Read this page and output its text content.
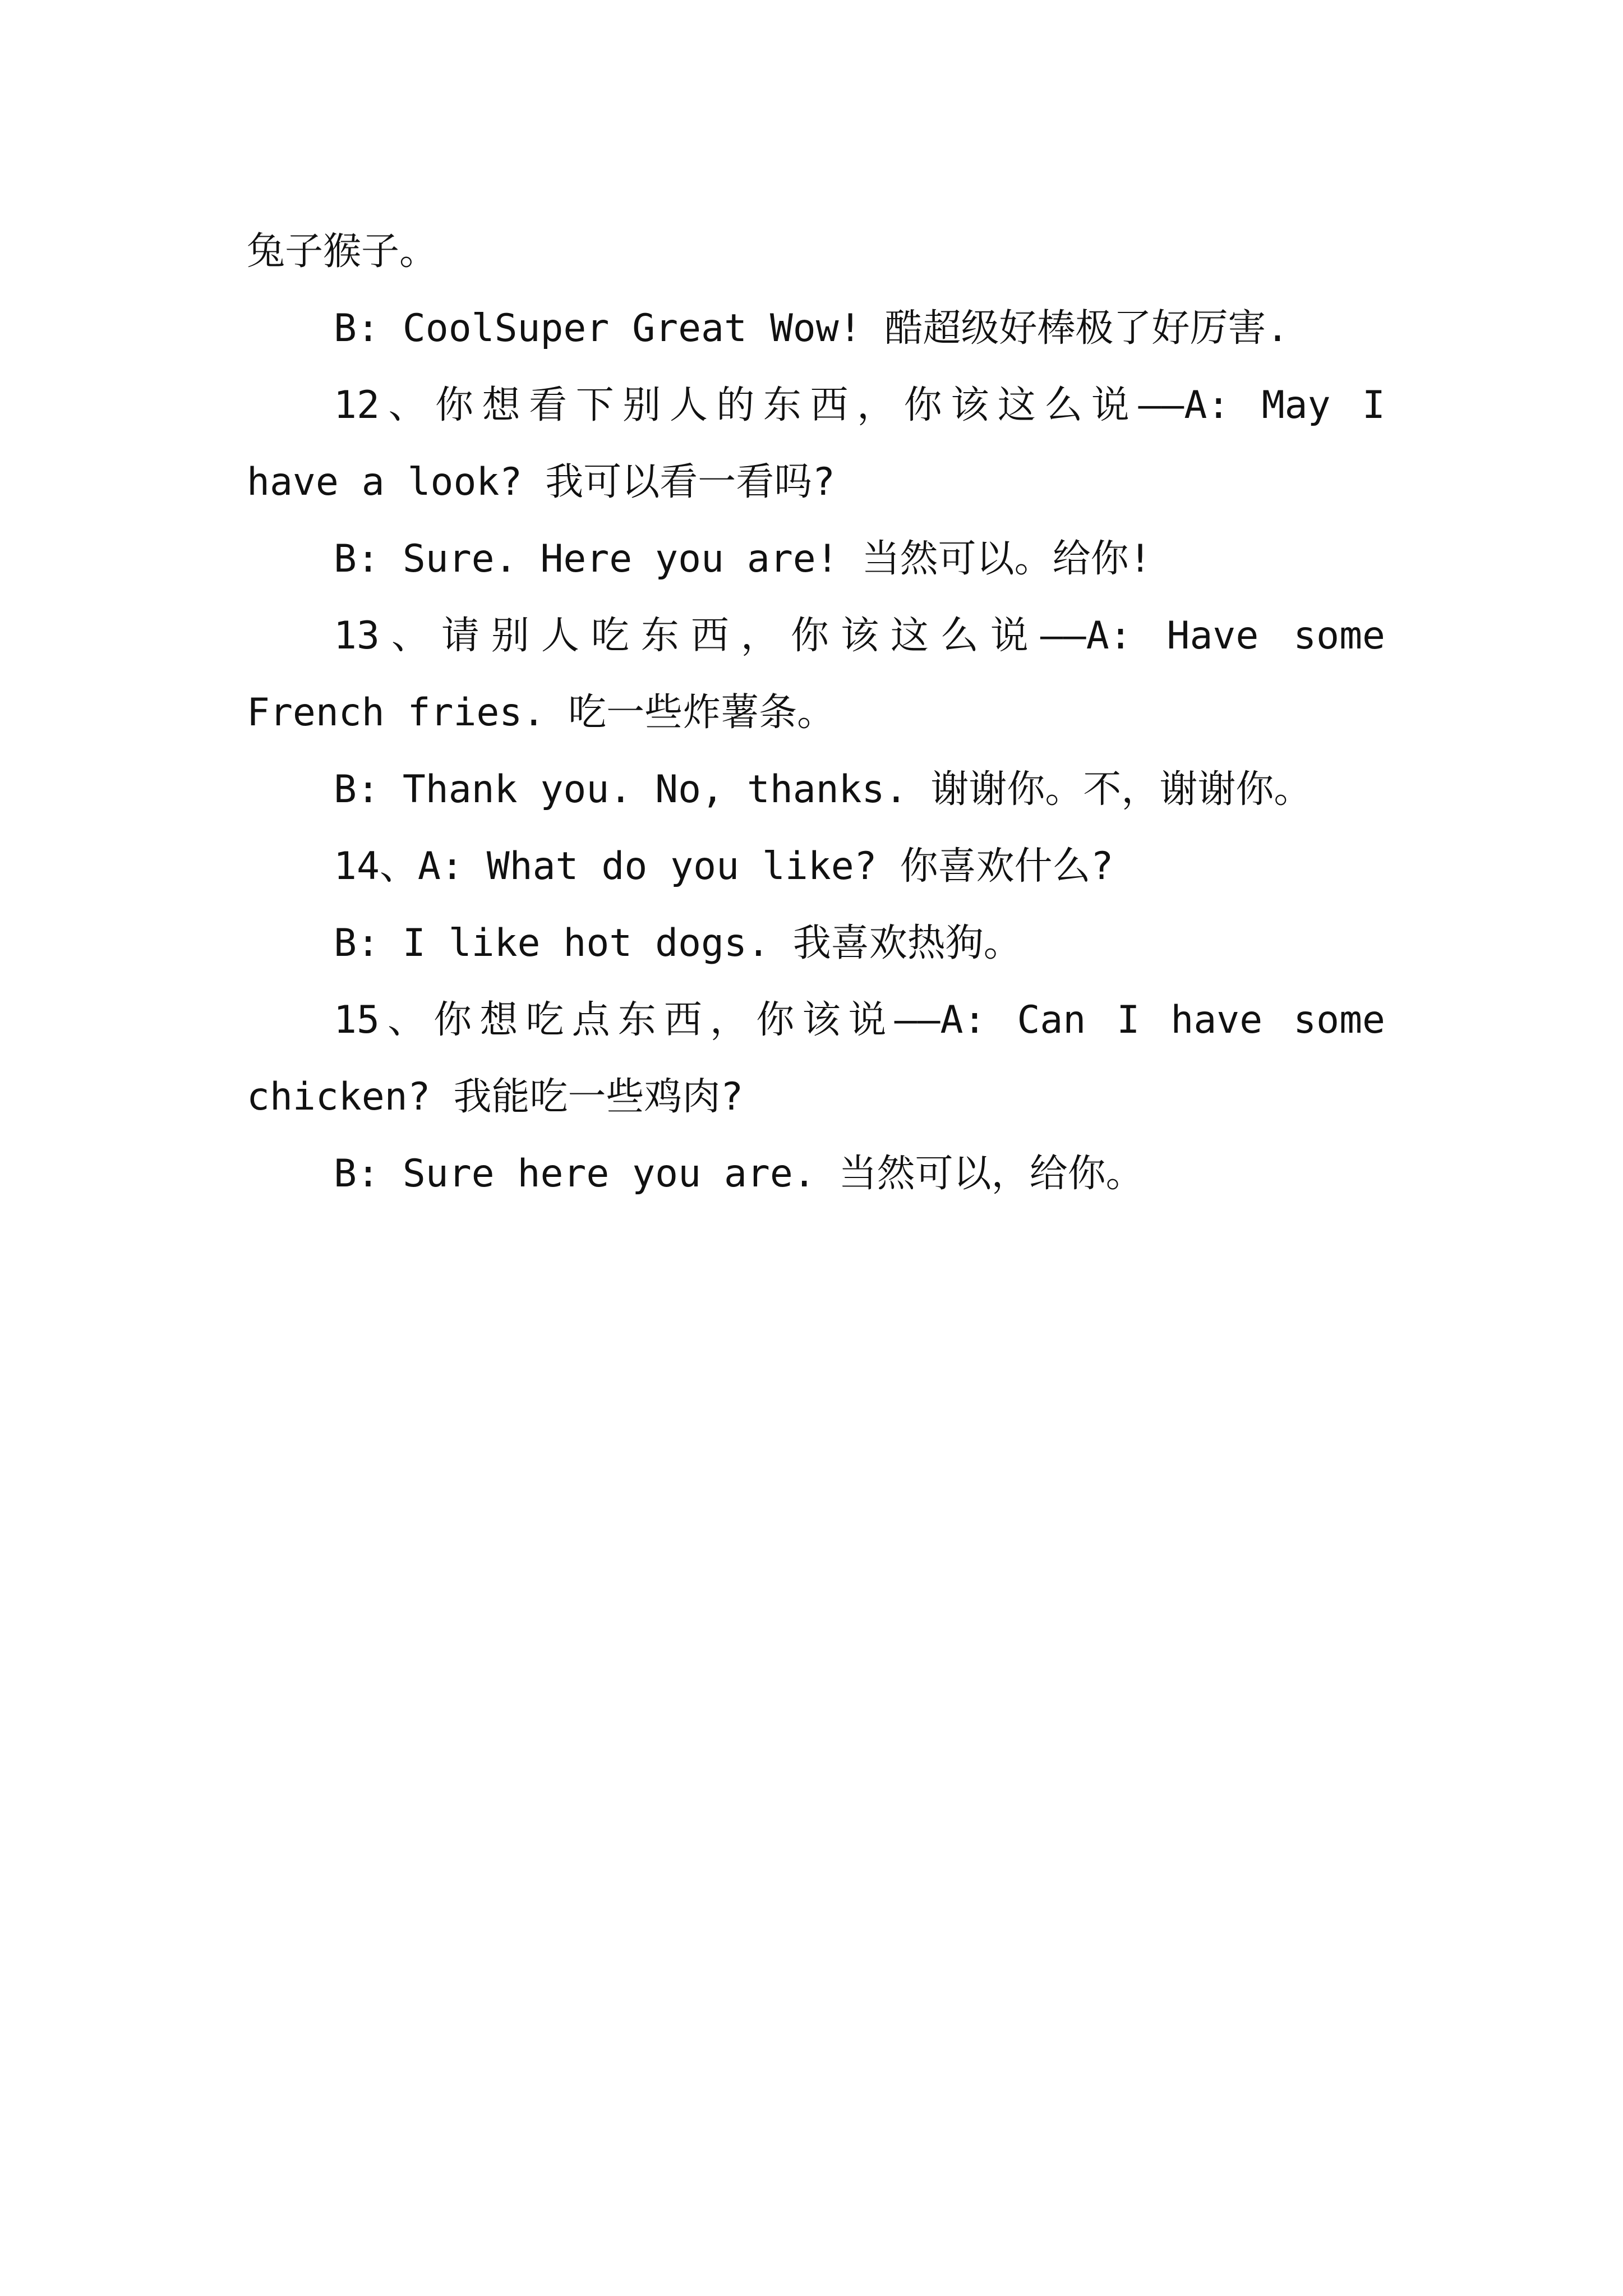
兔子猴子。
B: CoolSuper Great Wow! 酷超级好棒极了好厉害.
12、你想看下别人的东西，你该这么说——A: May I
have a look? 我可以看一看吗?
B: Sure. Here you are! 当然可以。给你!
13、请别人吃东西，你该这么说——A: Have some
French fries. 吃一些炸薯条。
B: Thank you. No, thanks. 谢谢你。不，谢谢你。
14、A: What do you like? 你喜欢什么?
B: I like hot dogs. 我喜欢热狗。
15、你想吃点东西，你该说——A: Can I have some
chicken? 我能吃一些鸡肉?
B: Sure here you are. 当然可以，给你。
